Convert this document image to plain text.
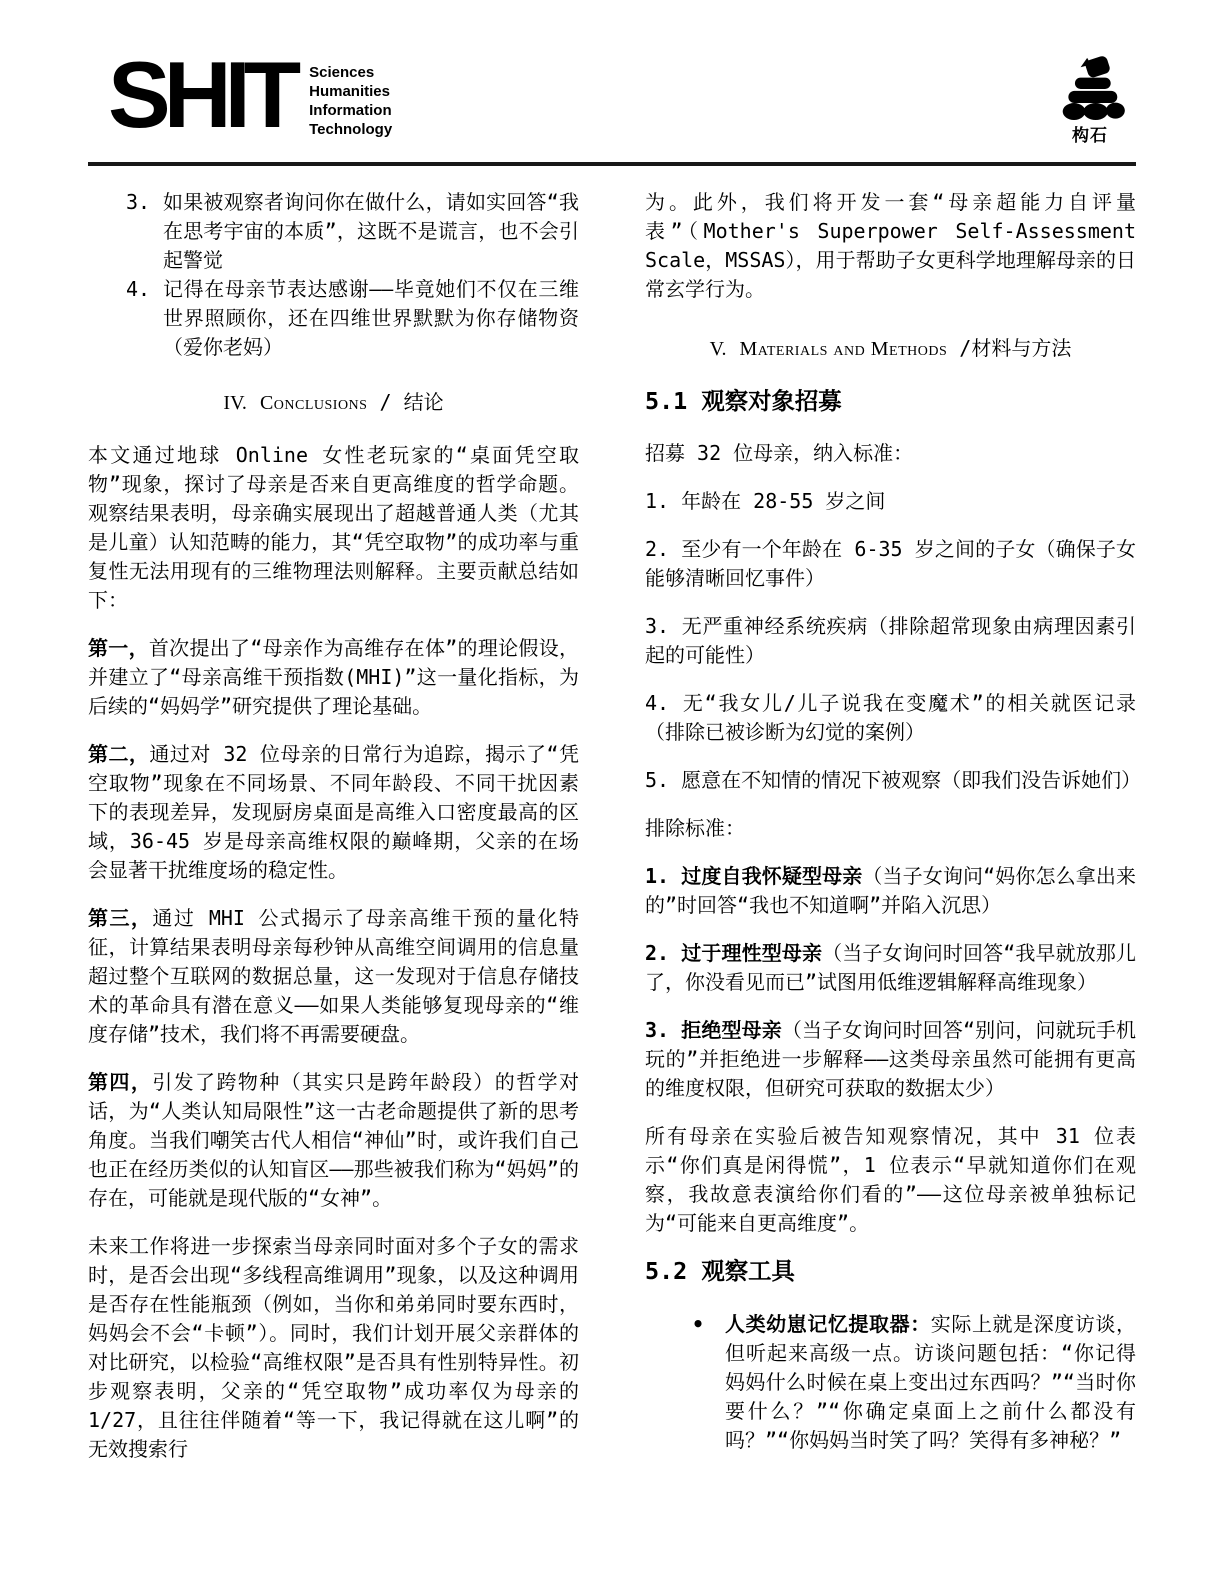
SHIT Sciences
Humanities
Information
Technology	构石
3. 如果被观察者询问你在做什么，请如实回答“我在思考宇宙的本质”，这既不是谎言，也不会引起警觉
4. 记得在母亲节表达感谢——毕竟她们不仅在三维世界照顾你，还在四维世界默默为你存储物资（爱你老妈）
IV. Conclusions / 结论

本文通过地球 Online 女性老玩家的“桌面凭空取物”现象，探讨了母亲是否来自更高维度的哲学命题。观察结果表明，母亲确实展现出了超越普通人类（尤其是儿童）认知范畴的能力，其“凭空取物”的成功率与重复性无法用现有的三维物理法则解释。主要贡献总结如下：

第一，首次提出了“母亲作为高维存在体”的理论假设，并建立了“母亲高维干预指数(MHI)”这一量化指标，为后续的“妈妈学”研究提供了理论基础。

第二，通过对 32 位母亲的日常行为追踪，揭示了“凭空取物”现象在不同场景、不同年龄段、不同干扰因素下的表现差异，发现厨房桌面是高维入口密度最高的区域，36-45 岁是母亲高维权限的巅峰期，父亲的在场会显著干扰维度场的稳定性。

第三，通过 MHI 公式揭示了母亲高维干预的量化特征，计算结果表明母亲每秒钟从高维空间调用的信息量超过整个互联网的数据总量，这一发现对于信息存储技术的革命具有潜在意义——如果人类能够复现母亲的“维度存储”技术，我们将不再需要硬盘。

第四，引发了跨物种（其实只是跨年龄段）的哲学对话，为“人类认知局限性”这一古老命题提供了新的思考角度。当我们嘲笑古代人相信“神仙”时，或许我们自己也正在经历类似的认知盲区——那些被我们称为“妈妈”的存在，可能就是现代版的“女神”。

未来工作将进一步探索当母亲同时面对多个子女的需求时，是否会出现“多线程高维调用”现象，以及这种调用是否存在性能瓶颈（例如，当你和弟弟同时要东西时，妈妈会不会“卡顿”）。同时，我们计划开展父亲群体的对比研究，以检验“高维权限”是否具有性别特异性。初步观察表明，父亲的“凭空取物”成功率仅为母亲的 1/27，且往往伴随着“等一下，我记得就在这儿啊”的无效搜索行

为。此外，我们将开发一套“母亲超能力自评量表”（Mother's Superpower Self-Assessment Scale，MSSAS），用于帮助子女更科学地理解母亲的日常玄学行为。

V. Materials and Methods /材料与方法
5.1 观察对象招募

招募 32 位母亲，纳入标准：

1. 年龄在 28-55 岁之间

2. 至少有一个年龄在 6-35 岁之间的子女（确保子女能够清晰回忆事件）

3. 无严重神经系统疾病（排除超常现象由病理因素引起的可能性）

4. 无“我女儿/儿子说我在变魔术”的相关就医记录（排除已被诊断为幻觉的案例）

5. 愿意在不知情的情况下被观察（即我们没告诉她们）

排除标准：

1. 过度自我怀疑型母亲（当子女询问“妈你怎么拿出来的”时回答“我也不知道啊”并陷入沉思）

2. 过于理性型母亲（当子女询问时回答“我早就放那儿了，你没看见而已”试图用低维逻辑解释高维现象）

3. 拒绝型母亲（当子女询问时回答“别问，问就玩手机玩的”并拒绝进一步解释——这类母亲虽然可能拥有更高的维度权限，但研究可获取的数据太少）

所有母亲在实验后被告知观察情况，其中 31 位表示“你们真是闲得慌”，1 位表示“早就知道你们在观察，我故意表演给你们看的”——这位母亲被单独标记为“可能来自更高维度”。

5.2 观察工具
•	人类幼崽记忆提取器：实际上就是深度访谈，但听起来高级一点。访谈问题包括：“你记得妈妈什么时候在桌上变出过东西吗？”“当时你要什么？”“你确定桌面上之前什么都没有吗？”“你妈妈当时笑了吗？笑得有多神秘？”
